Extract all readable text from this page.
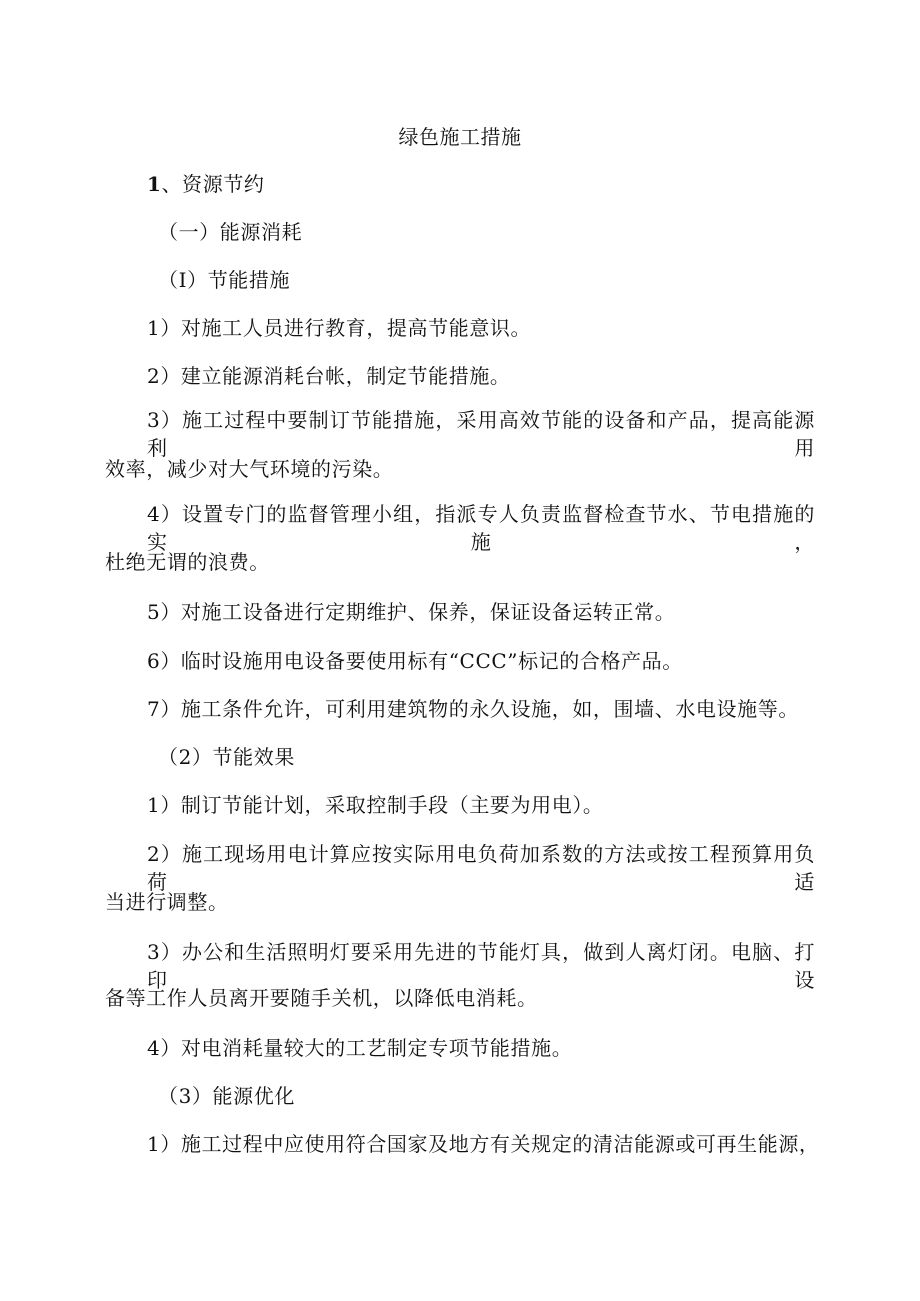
绿色施工措施
1、资源节约
（一）能源消耗
（I）节能措施
1）对施工人员进行教育，提高节能意识。
2）建立能源消耗台帐，制定节能措施。
3）施工过程中要制订节能措施，采用高效节能的设备和产品，提高能源利用
效率，减少对大气环境的污染。
4）设置专门的监督管理小组，指派专人负责监督检查节水、节电措施的实施，
杜绝无谓的浪费。
5）对施工设备进行定期维护、保养，保证设备运转正常。
6）临时设施用电设备要使用标有“CCC”标记的合格产品。
7）施工条件允许，可利用建筑物的永久设施，如，围墙、水电设施等。
（2）节能效果
1）制订节能计划，采取控制手段（主要为用电）。
2）施工现场用电计算应按实际用电负荷加系数的方法或按工程预算用负荷适
当进行调整。
3）办公和生活照明灯要采用先进的节能灯具，做到人离灯闭。电脑、打印设
备等工作人员离开要随手关机，以降低电消耗。
4）对电消耗量较大的工艺制定专项节能措施。
（3）能源优化
1）施工过程中应使用符合国家及地方有关规定的清洁能源或可再生能源，
